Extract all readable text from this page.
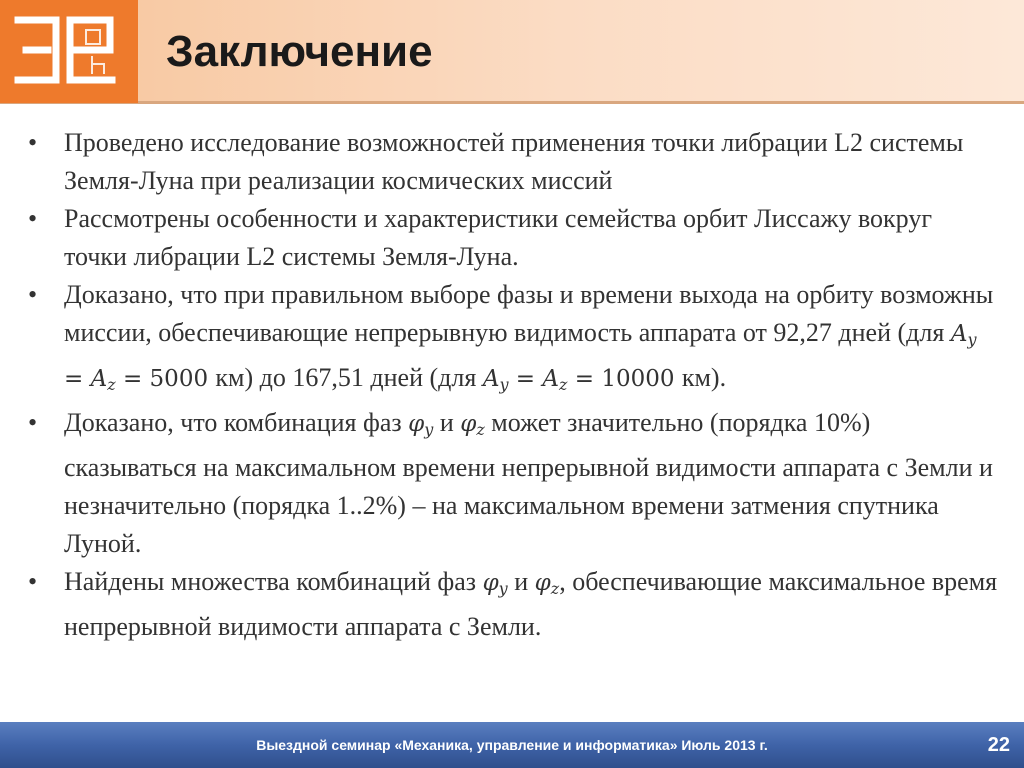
Заключение
•	Проведено исследование возможностей применения точки либрации L2 системы Земля-Луна при реализации космических миссий
•	Рассмотрены особенности и характеристики семейства орбит Лиссажу вокруг точки либрации L2 системы Земля-Луна.
•	Доказано, что при правильном выборе фазы и времени выхода на орбиту возможны миссии, обеспечивающие непрерывную видимость аппарата от 92,27 дней (для $A_y = A_z = 5000$ км) до 167,51 дней (для $A_y = A_z = 10000$ км).
•	Доказано, что комбинация фаз $\varphi_y$ и $\varphi_z$ может значительно (порядка 10%) сказываться на максимальном времени непрерывной видимости аппарата с Земли и незначительно (порядка 1..2%) – на максимальном времени затмения спутника Луной.
•	Найдены множества комбинаций фаз $\varphi_y$ и $\varphi_z$, обеспечивающие максимальное время непрерывной видимости аппарата с Земли.
Выездной семинар «Механика, управление и информатика» Июль 2013 г.	22
